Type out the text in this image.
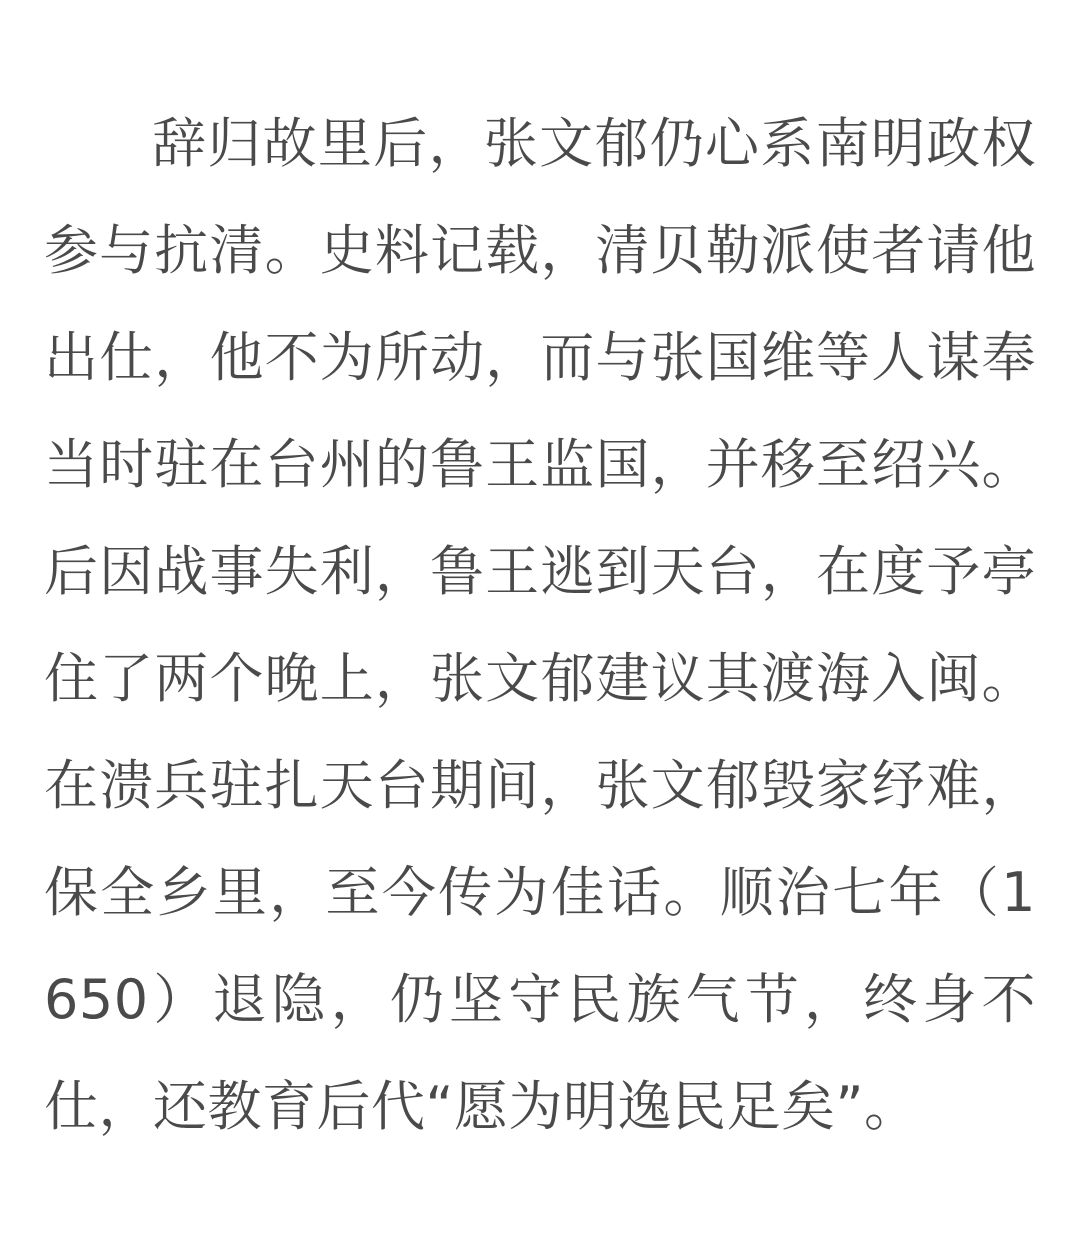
辞归故里后，张文郁仍心系南明政权参与抗清。史料记载，清贝勒派使者请他出仕，他不为所动，而与张国维等人谋奉当时驻在台州的鲁王监国，并移至绍兴。后因战事失利，鲁王逃到天台，在度予亭住了两个晚上，张文郁建议其渡海入闽。在溃兵驻扎天台期间，张文郁毁家纾难，保全乡里，至今传为佳话。顺治七年（1650）退隐，仍坚守民族气节，终身不仕，还教育后代“愿为明逸民足矣”。
